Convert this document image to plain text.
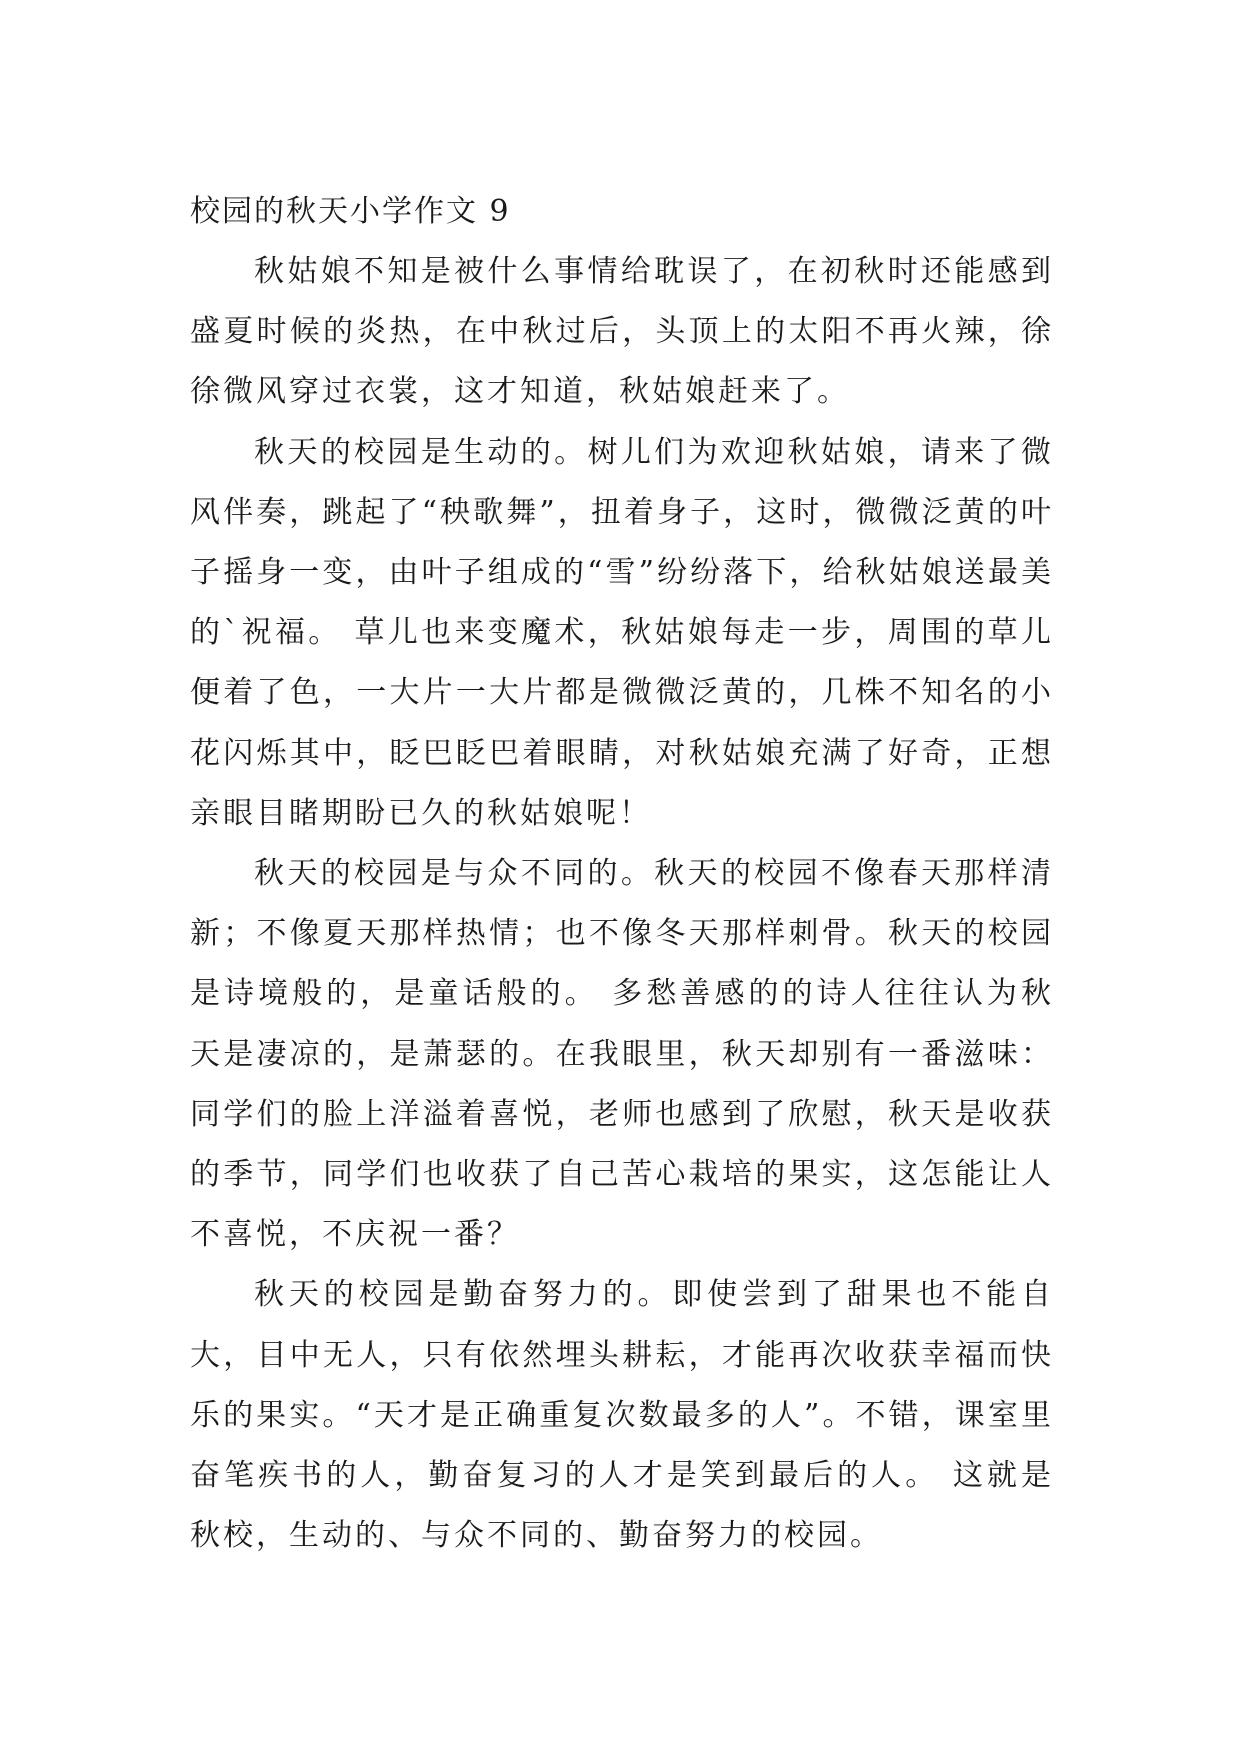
校园的秋天小学作文 9

秋姑娘不知是被什么事情给耽误了，在初秋时还能感到盛夏时候的炎热，在中秋过后，头顶上的太阳不再火辣，徐徐微风穿过衣裳，这才知道，秋姑娘赶来了。

秋天的校园是生动的。树儿们为欢迎秋姑娘，请来了微风伴奏，跳起了“秧歌舞”，扭着身子，这时，微微泛黄的叶子摇身一变，由叶子组成的“雪”纷纷落下，给秋姑娘送最美的`祝福。 草儿也来变魔术，秋姑娘每走一步，周围的草儿便着了色，一大片一大片都是微微泛黄的，几株不知名的小花闪烁其中，眨巴眨巴着眼睛，对秋姑娘充满了好奇，正想亲眼目睹期盼已久的秋姑娘呢！

秋天的校园是与众不同的。秋天的校园不像春天那样清新；不像夏天那样热情；也不像冬天那样刺骨。秋天的校园是诗境般的，是童话般的。 多愁善感的的诗人往往认为秋天是凄凉的，是萧瑟的。在我眼里，秋天却别有一番滋味：同学们的脸上洋溢着喜悦，老师也感到了欣慰，秋天是收获的季节，同学们也收获了自己苦心栽培的果实，这怎能让人不喜悦，不庆祝一番？

秋天的校园是勤奋努力的。即使尝到了甜果也不能自大，目中无人，只有依然埋头耕耘，才能再次收获幸福而快乐的果实。“天才是正确重复次数最多的人”。不错，课室里奋笔疾书的人，勤奋复习的人才是笑到最后的人。 这就是秋校，生动的、与众不同的、勤奋努力的校园。
